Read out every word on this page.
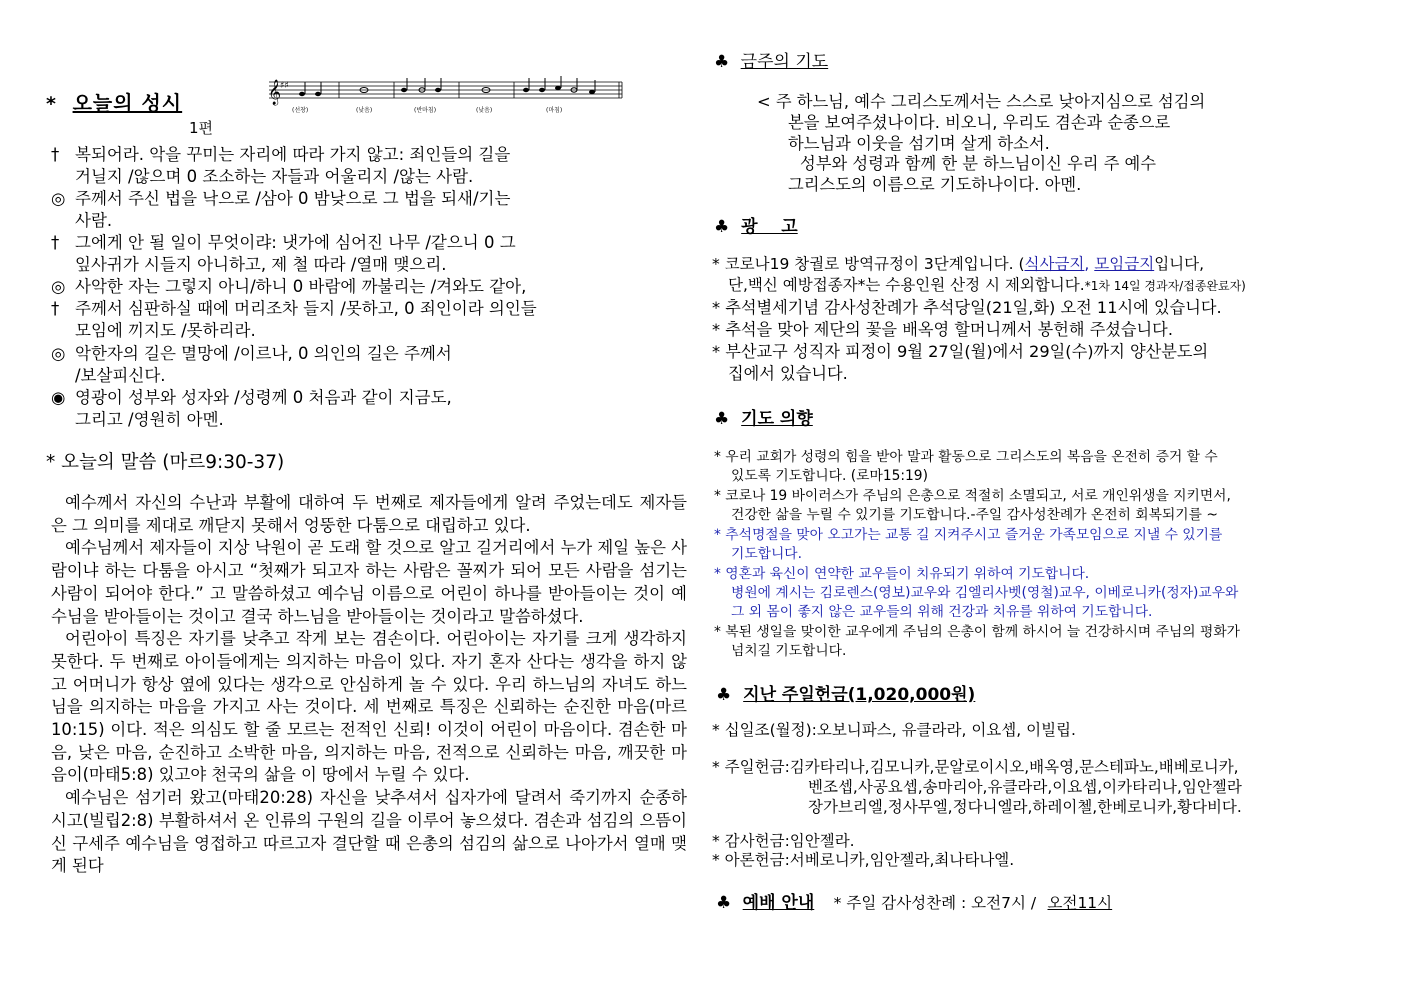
* 오늘의 성시	𝄞
♯♯
(선창)	(낮음)	(반마침)	(낮음)	(마침)
1편
† 복되어라. 악을 꾸미는 자리에 따라 가지 않고: 죄인들의 길을
거닐지 /않으며 0 조소하는 자들과 어울리지 /않는 사람.
◎ 주께서 주신 법을 낙으로 /삼아 0 밤낮으로 그 법을 되새/기는
사람.
† 그에게 안 될 일이 무엇이랴: 냇가에 심어진 나무 /같으니 0 그
잎사귀가 시들지 아니하고, 제 철 따라 /열매 맺으리.
◎ 사악한 자는 그렇지 아니/하니 0 바람에 까불리는 /겨와도 같아,
† 주께서 심판하실 때에 머리조차 들지 /못하고, 0 죄인이라 의인들
모임에 끼지도 /못하리라.
◎ 악한자의 길은 멸망에 /이르나, 0 의인의 길은 주께서
/보살피신다.
◉ 영광이 성부와 성자와 /성령께 0 처음과 같이 지금도,
그리고 /영원히 아멘.
* 오늘의 말씀 (마르9:30-37)

예수께서 자신의 수난과 부활에 대하여 두 번째로 제자들에게 알려 주었는데도 제자들은 그 의미를 제대로 깨닫지 못해서 엉뚱한 다툼으로 대립하고 있다.

예수님께서 제자들이 지상 낙원이 곧 도래 할 것으로 알고 길거리에서 누가 제일 높은 사람이냐 하는 다툼을 아시고 “첫째가 되고자 하는 사람은 꼴찌가 되어 모든 사람을 섬기는 사람이 되어야 한다.” 고 말씀하셨고 예수님 이름으로 어린이 하나를 받아들이는 것이 예수님을 받아들이는 것이고 결국 하느님을 받아들이는 것이라고 말씀하셨다.

어린아이 특징은 자기를 낮추고 작게 보는 겸손이다. 어린아이는 자기를 크게 생각하지 못한다. 두 번째로 아이들에게는 의지하는 마음이 있다. 자기 혼자 산다는 생각을 하지 않고 어머니가 항상 옆에 있다는 생각으로 안심하게 놀 수 있다. 우리 하느님의 자녀도 하느님을 의지하는 마음을 가지고 사는 것이다. 세 번째로 특징은 신뢰하는 순진한 마음(마르10:15) 이다. 적은 의심도 할 줄 모르는 전적인 신뢰! 이것이 어린이 마음이다. 겸손한 마음, 낮은 마음, 순진하고 소박한 마음, 의지하는 마음, 전적으로 신뢰하는 마음, 깨끗한 마음이(마태5:8) 있고야 천국의 삶을 이 땅에서 누릴 수 있다.

예수님은 섬기러 왔고(마태20:28) 자신을 낮추셔서 십자가에 달려서 죽기까지 순종하시고(빌립2:8) 부활하셔서 온 인류의 구원의 길을 이루어 놓으셨다. 겸손과 섬김의 으뜸이신 구세주 예수님을 영접하고 따르고자 결단할 때 은총의 섬김의 삶으로 나아가서 열매 맺게 된다

♣ 금주의 기도
< 주 하느님, 예수 그리스도께서는 스스로 낮아지심으로 섬김의
본을 보여주셨나이다. 비오니, 우리도 겸손과 순종으로
하느님과 이웃을 섬기며 살게 하소서.
성부와 성령과 함께 한 분 하느님이신 우리 주 예수
그리스도의 이름으로 기도하나이다. 아멘.
♣ 광    고
* 코로나19 창궐로 방역규정이 3단계입니다. (식사금지, 모임금지입니다,
단,백신 예방접종자*는 수용인원 산정 시 제외합니다.*1차 14일 경과자/접종완료자)
* 추석별세기념 감사성찬례가 추석당일(21일,화) 오전 11시에 있습니다.
* 추석을 맞아 제단의 꽃을 배옥영 할머니께서 봉헌해 주셨습니다.
* 부산교구 성직자 피정이 9월 27일(월)에서 29일(수)까지 양산분도의
집에서 있습니다.
♣ 기도 의향
* 우리 교회가 성령의 힘을 받아 말과 활동으로 그리스도의 복음을 온전히 증거 할 수
있도록 기도합니다. (로마15:19)
* 코로나 19 바이러스가 주님의 은총으로 적절히 소멸되고, 서로 개인위생을 지키면서,
건강한 삶을 누릴 수 있기를 기도합니다.-주일 감사성찬례가 온전히 회복되기를 ~
* 추석명절을 맞아 오고가는 교통 길 지켜주시고 즐거운 가족모임으로 지낼 수 있기를
기도합니다.
* 영혼과 육신이 연약한 교우들이 치유되기 위하여 기도합니다.
병원에 계시는 김로렌스(영보)교우와 김엘리사벳(영철)교우, 이베로니카(정자)교우와
그 외 몸이 좋지 않은 교우들의 위해 건강과 치유를 위하여 기도합니다.
* 복된 생일을 맞이한 교우에게 주님의 은총이 함께 하시어 늘 건강하시며 주님의 평화가
넘치길 기도합니다.
♣ 지난 주일헌금(1,020,000원)
* 십일조(월정):오보니파스, 유클라라, 이요셉, 이빌립.
* 주일헌금:김카타리나,김모니카,문알로이시오,배옥영,문스테파노,배베로니카,
벤조셉,사공요셉,송마리아,유클라라,이요셉,이카타리나,임안젤라
장가브리엘,정사무엘,정다니엘라,하레이첼,한베로니카,황다비다.
* 감사헌금:임안젤라.
* 아론헌금:서베로니카,임안젤라,최나타나엘.
♣ 예배 안내 * 주일 감사성찬례 : 오전7시 / 오전11시
